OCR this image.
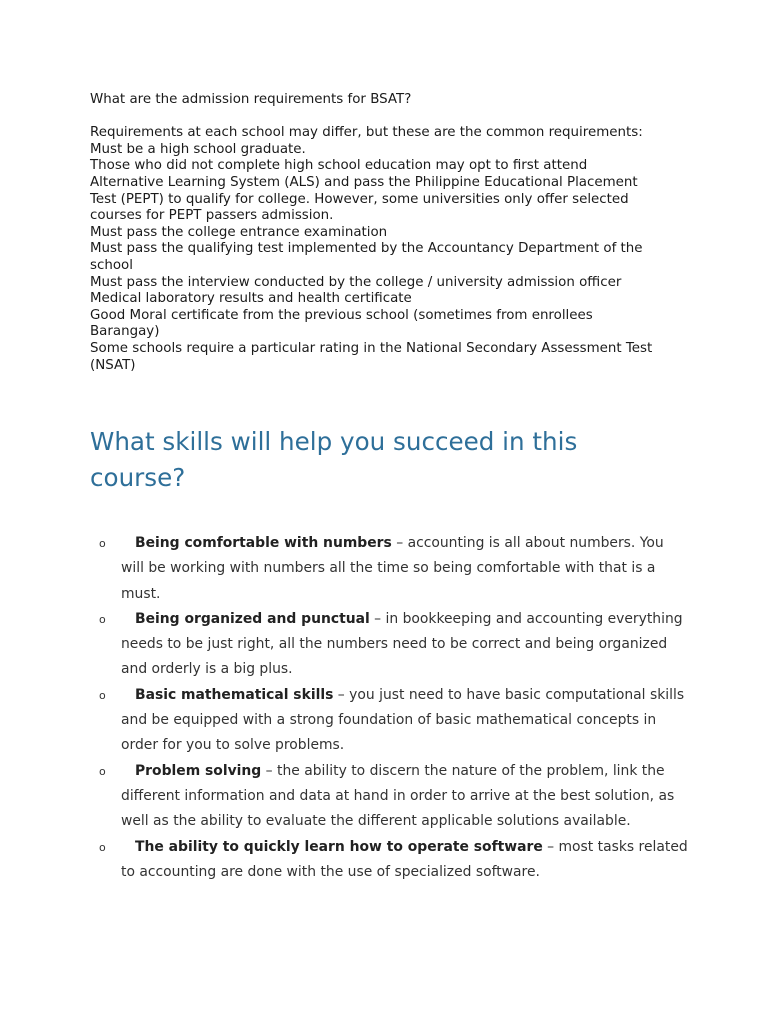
What are the admission requirements for BSAT?

Requirements at each school may differ, but these are the common requirements:

Must be a high school graduate.

Those who did not complete high school education may opt to first attend

Alternative Learning System (ALS) and pass the Philippine Educational Placement

Test (PEPT) to qualify for college. However, some universities only offer selected

courses for PEPT passers admission.

Must pass the college entrance examination

Must pass the qualifying test implemented by the Accountancy Department of the

school

Must pass the interview conducted by the college / university admission officer

Medical laboratory results and health certificate

Good Moral certificate from the previous school (sometimes from enrollees

Barangay)

Some schools require a particular rating in the National Secondary Assessment Test

(NSAT)

What skills will help you succeed in this course?
o Being comfortable with numbers – accounting is all about numbers. You will be working with numbers all the time so being comfortable with that is a must.
o Being organized and punctual – in bookkeeping and accounting everything needs to be just right, all the numbers need to be correct and being organized and orderly is a big plus.
o Basic mathematical skills – you just need to have basic computational skills and be equipped with a strong foundation of basic mathematical concepts in order for you to solve problems.
o Problem solving – the ability to discern the nature of the problem, link the different information and data at hand in order to arrive at the best solution, as well as the ability to evaluate the different applicable solutions available.
o The ability to quickly learn how to operate software – most tasks related to accounting are done with the use of specialized software.
